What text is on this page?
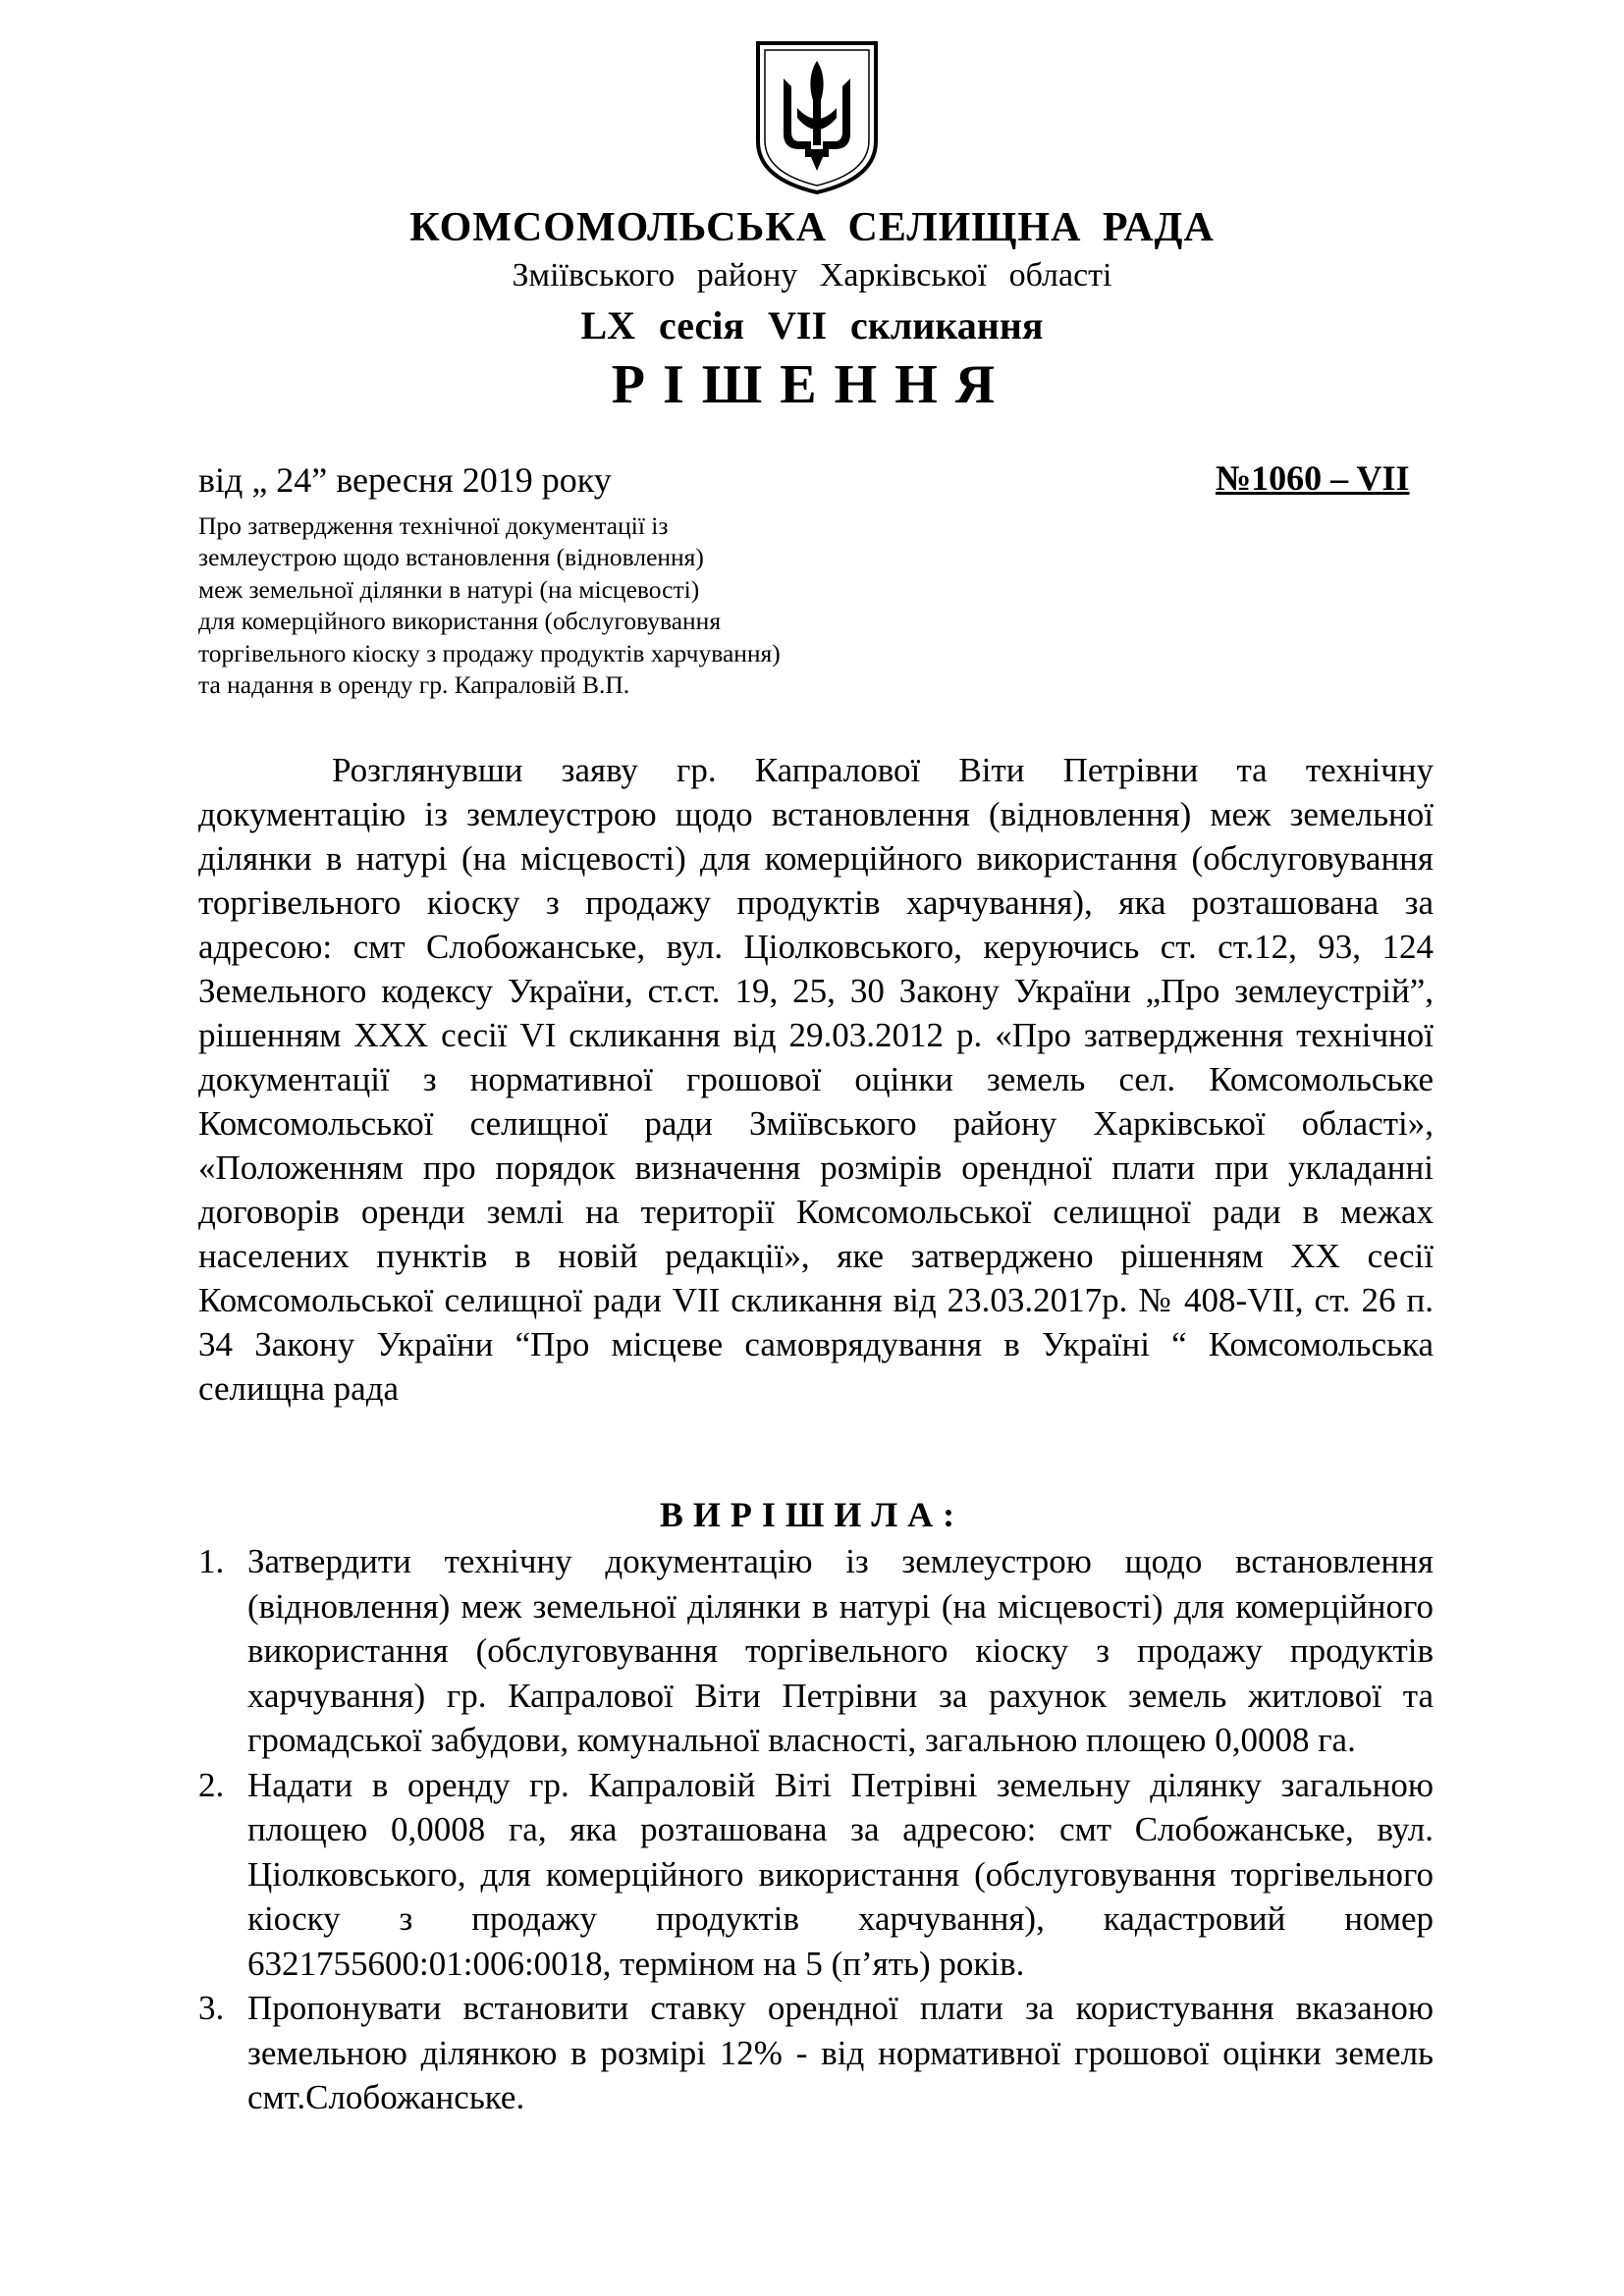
КОМСОМОЛЬСЬКА СЕЛИЩНА РАДА
Зміївського району Харківської області
LX сесія VII скликання
РІШЕННЯ
від „ 24” вересня 2019 року	№1060 – VII
Про затвердження технічної документації із
землеустрою щодо встановлення (відновлення)
меж земельної ділянки в натурі (на місцевості)
для комерційного використання (обслуговування
торгівельного кіоску з продажу продуктів харчування)
та надання в оренду гр. Капраловій В.П.

Розглянувши заяву гр. Капралової Віти Петрівни та технічну документацію із землеустрою щодо встановлення (відновлення) меж земельної ділянки в натурі (на місцевості) для комерційного використання (обслуговування торгівельного кіоску з продажу продуктів харчування), яка розташована за адресою: смт Слобожанське, вул. Ціолковського, керуючись ст. ст.12, 93, 124 Земельного кодексу України, ст.ст. 19, 25, 30 Закону України „Про землеустрій”, рішенням ХХХ сесії VI скликання від 29.03.2012 р. «Про затвердження технічної документації з нормативної грошової оцінки земель сел. Комсомольське Комсомольської селищної ради Зміївського району Харківської області», «Положенням про порядок визначення розмірів орендної плати при укладанні договорів оренди землі на території Комсомольської селищної ради в межах населених пунктів в новій редакції», яке затверджено рішенням ХХ сесії Комсомольської селищної ради VII скликання від 23.03.2017р. № 408-VII, ст. 26 п. 34 Закону України “Про місцеве самоврядування в Україні “ Комсомольська селищна рада

ВИРІШИЛА:
1. Затвердити технічну документацію із землеустрою щодо встановлення (відновлення) меж земельної ділянки в натурі (на місцевості) для комерційного використання (обслуговування торгівельного кіоску з продажу продуктів харчування) гр. Капралової Віти Петрівни за рахунок земель житлової та громадської забудови, комунальної власності, загальною площею 0,0008 га.
2. Надати в оренду гр. Капраловій Віті Петрівні земельну ділянку загальною площею 0,0008 га, яка розташована за адресою: смт Слобожанське, вул. Ціолковського, для комерційного використання (обслуговування торгівельного кіоску з продажу продуктів харчування), кадастровий номер 6321755600:01:006:0018, терміном на 5 (п’ять) років.
3. Пропонувати встановити ставку орендної плати за користування вказаною земельною ділянкою в розмірі 12% - від нормативної грошової оцінки земель смт.Слобожанське.
